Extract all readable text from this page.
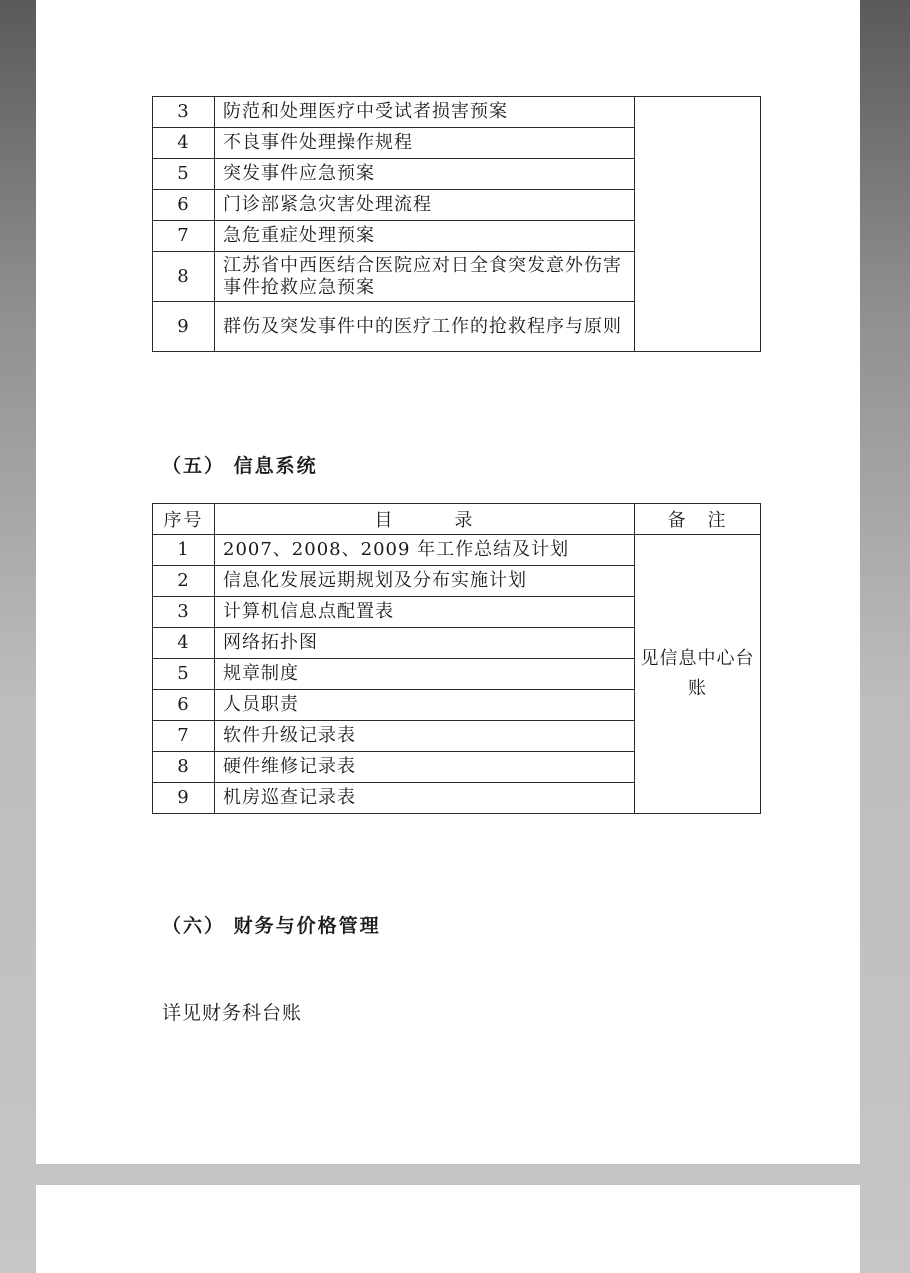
3	防范和处理医疗中受试者损害预案	
4	不良事件处理操作规程	
5	突发事件应急预案	
6	门诊部紧急灾害处理流程	
7	急危重症处理预案	
8	江苏省中西医结合医院应对日全食突发意外伤害事件抢救应急预案	
9	群伤及突发事件中的医疗工作的抢救程序与原则	

（五） 信息系统

序号	目　　　录	备　注
1	2007、2008、2009 年工作总结及计划	见信息中心台账

2	信息化发展远期规划及分布实施计划	
3	计算机信息点配置表	
4	网络拓扑图	
5	规章制度	
6	人员职责	
7	软件升级记录表	
8	硬件维修记录表	
9	机房巡查记录表	

（六） 财务与价格管理

详见财务科台账
